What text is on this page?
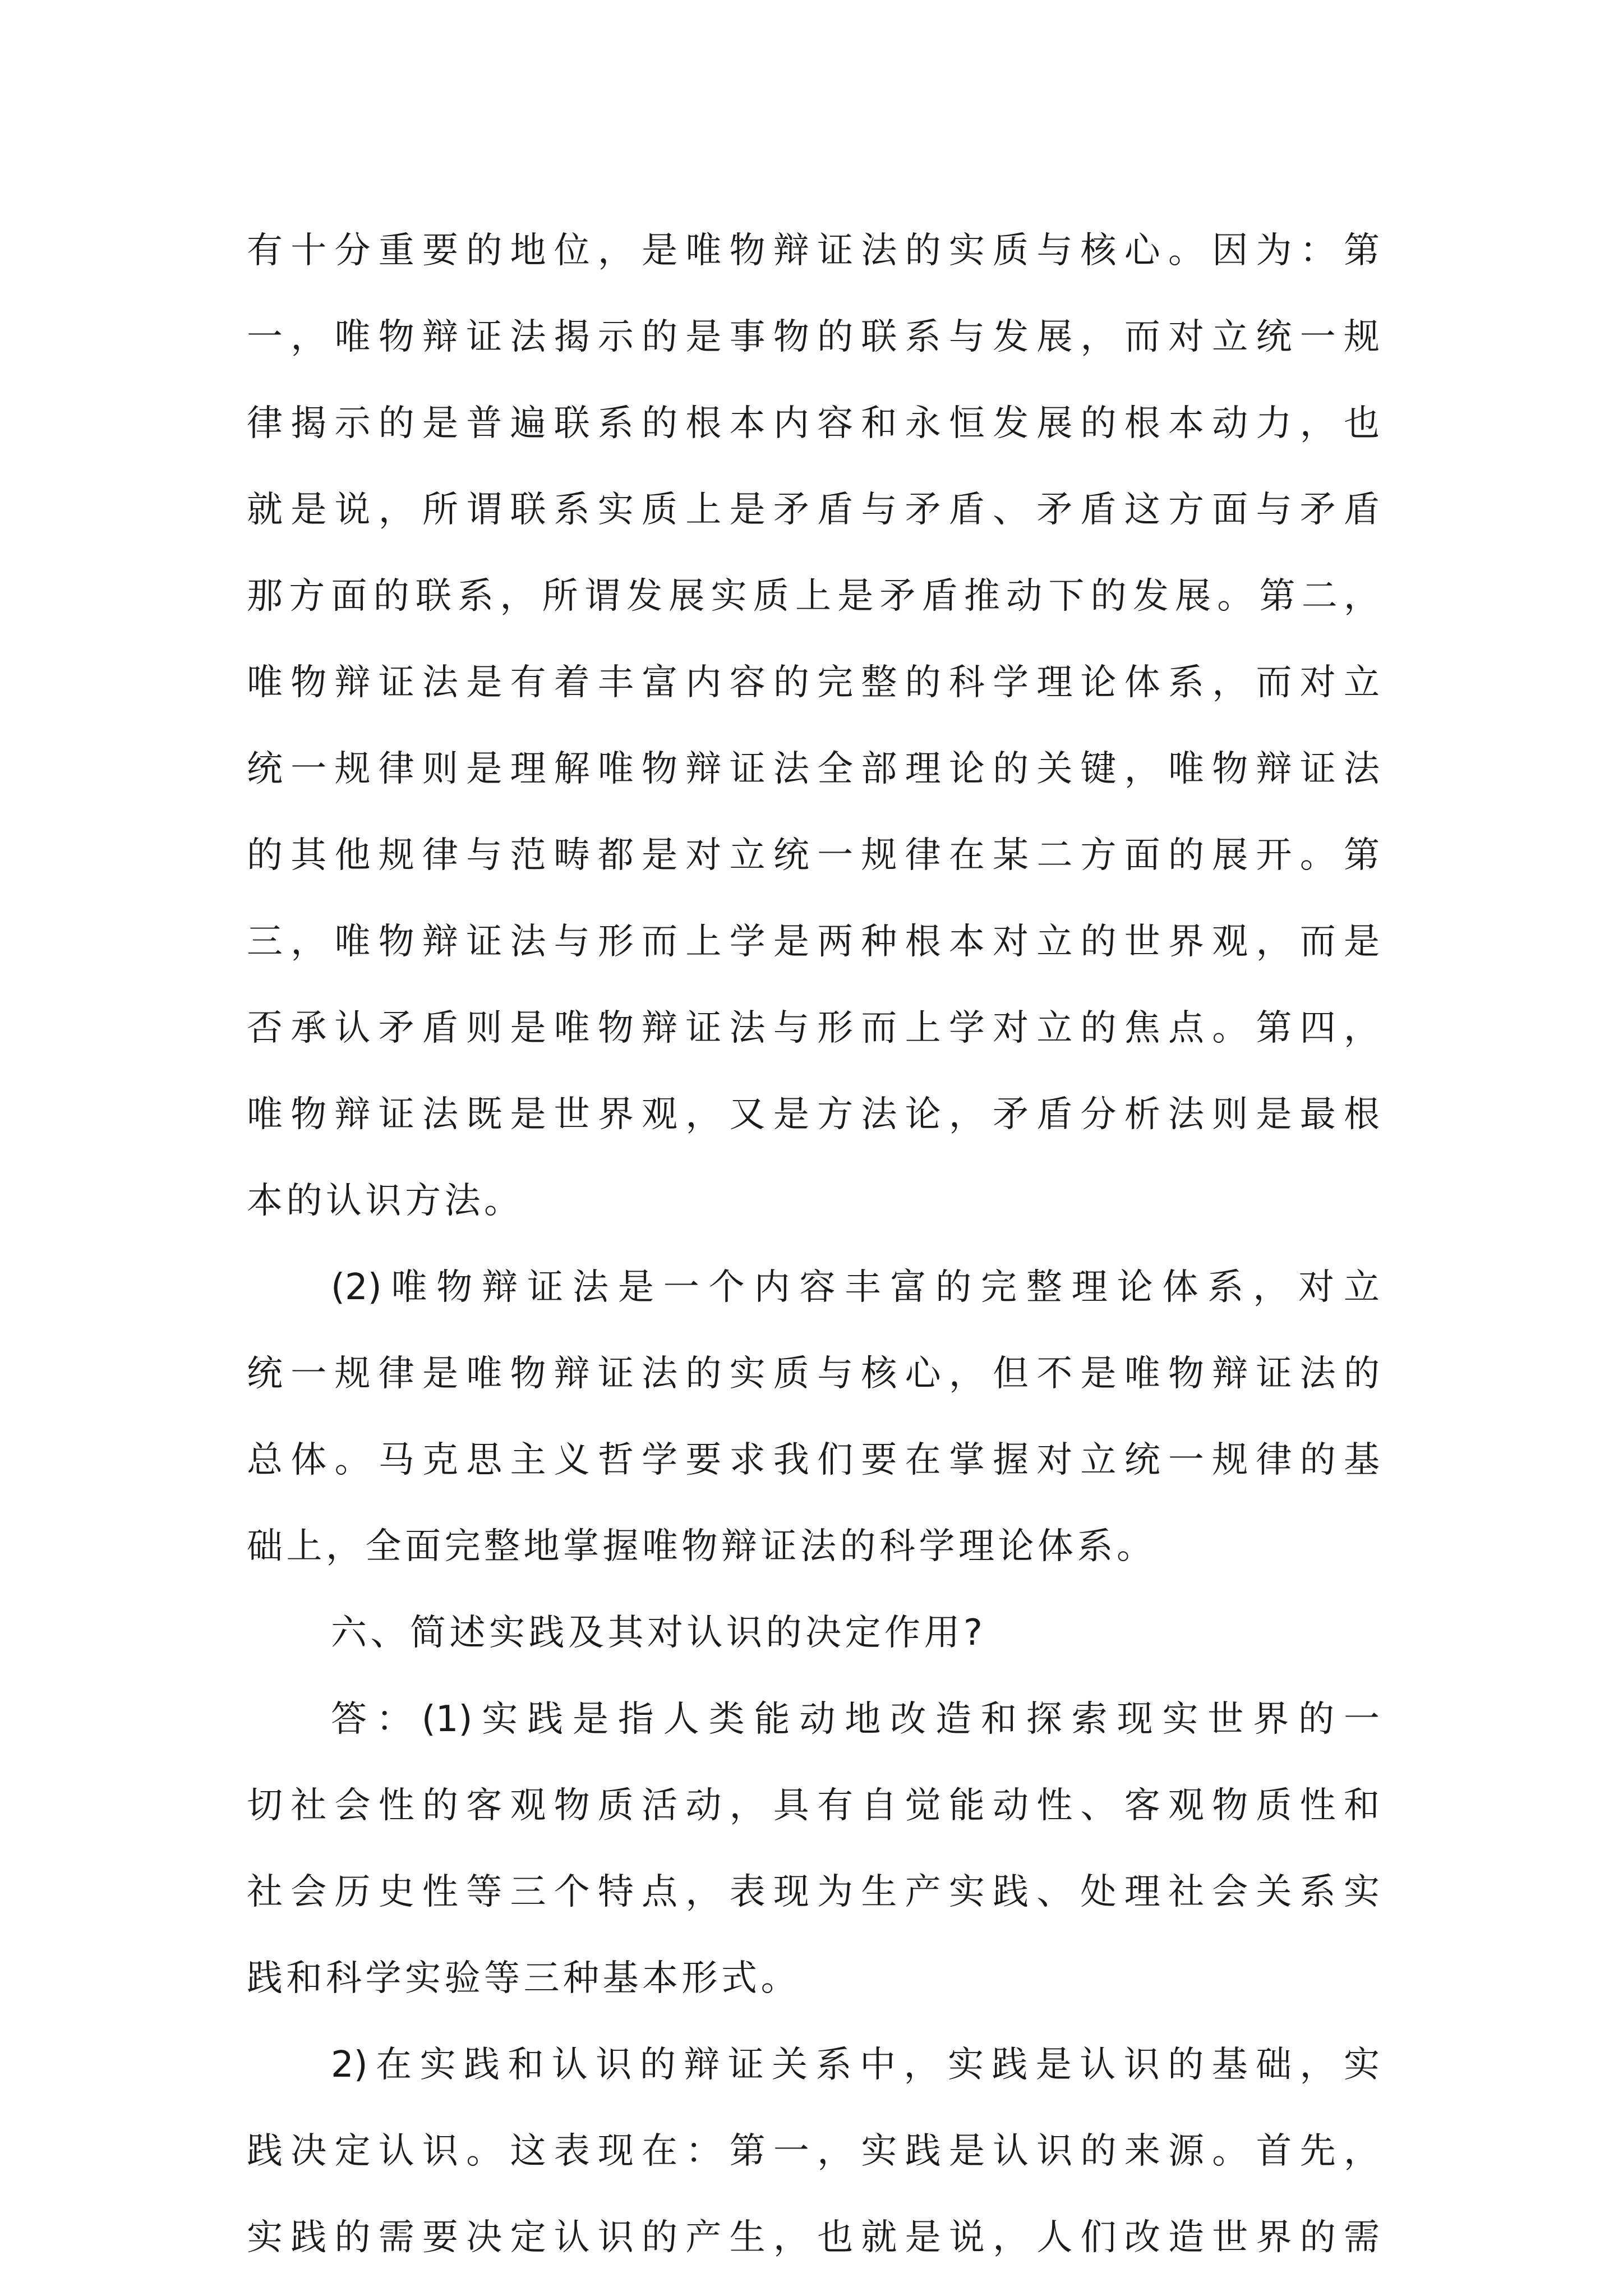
有十分重要的地位，是唯物辩证法的实质与核心。因为：第
一，唯物辩证法揭示的是事物的联系与发展，而对立统一规
律揭示的是普遍联系的根本内容和永恒发展的根本动力，也
就是说，所谓联系实质上是矛盾与矛盾、矛盾这方面与矛盾
那方面的联系，所谓发展实质上是矛盾推动下的发展。第二，
唯物辩证法是有着丰富内容的完整的科学理论体系，而对立
统一规律则是理解唯物辩证法全部理论的关键，唯物辩证法
的其他规律与范畴都是对立统一规律在某二方面的展开。第
三，唯物辩证法与形而上学是两种根本对立的世界观，而是
否承认矛盾则是唯物辩证法与形而上学对立的焦点。第四，
唯物辩证法既是世界观，又是方法论，矛盾分析法则是最根
本的认识方法。
(2)唯物辩证法是一个内容丰富的完整理论体系，对立
统一规律是唯物辩证法的实质与核心，但不是唯物辩证法的
总体。马克思主义哲学要求我们要在掌握对立统一规律的基
础上，全面完整地掌握唯物辩证法的科学理论体系。
六、简述实践及其对认识的决定作用?
答：(1)实践是指人类能动地改造和探索现实世界的一
切社会性的客观物质活动，具有自觉能动性、客观物质性和
社会历史性等三个特点，表现为生产实践、处理社会关系实
践和科学实验等三种基本形式。
2)在实践和认识的辩证关系中，实践是认识的基础，实
践决定认识。这表现在：第一，实践是认识的来源。首先，
实践的需要决定认识的产生，也就是说，人们改造世界的需
